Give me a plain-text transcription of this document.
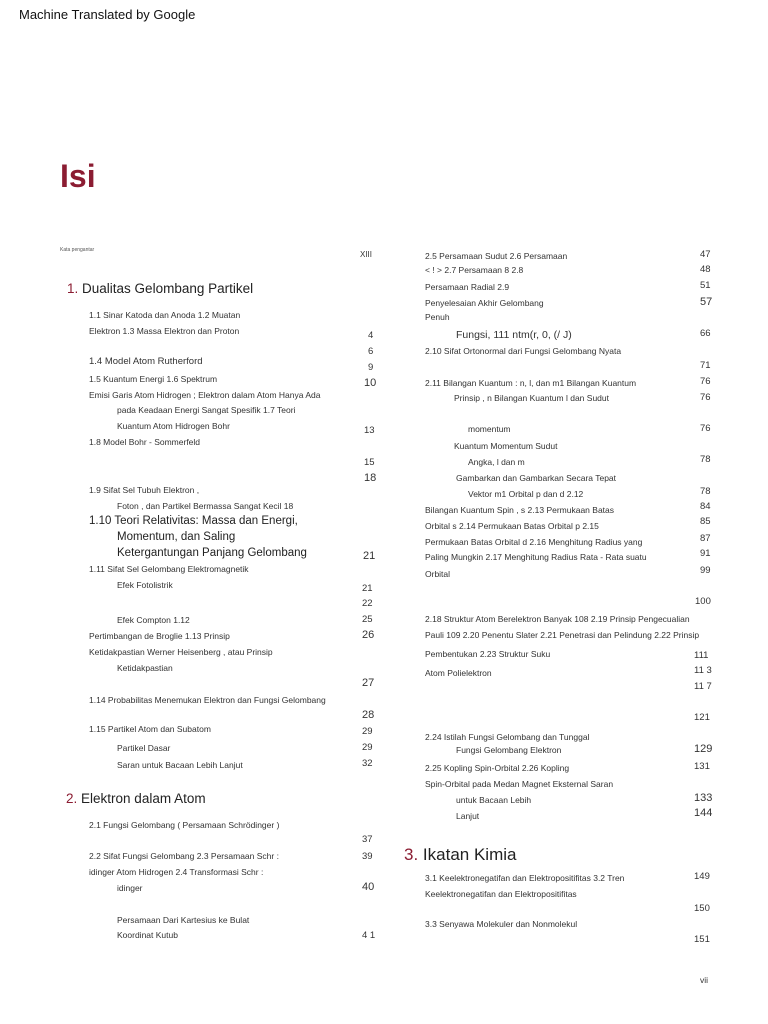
Machine Translated by Google
Isi
Kata pengantar	XIII
1. Dualitas Gelombang Partikel
2. Elektron dalam Atom
3. Ikatan Kimia
1.1 Sinar Katoda dan Anoda 1.2 Muatan
Elektron 1.3 Massa Elektron dan Proton
1.4 Model Atom Rutherford
1.5 Kuantum Energi 1.6 Spektrum
Emisi Garis Atom Hidrogen ; Elektron dalam Atom Hanya Ada
pada Keadaan Energi Sangat Spesifik 1.7 Teori
Kuantum Atom Hidrogen Bohr
1.8 Model Bohr - Sommerfeld
1.9 Sifat Sel Tubuh Elektron ,
Foton , dan Partikel Bermassa Sangat Kecil 18
1.10 Teori Relativitas: Massa dan Energi,
Momentum, dan Saling
Ketergantungan Panjang Gelombang
1.11 Sifat Sel Gelombang Elektromagnetik
Efek Fotolistrik
Efek Compton 1.12
Pertimbangan de Broglie 1.13 Prinsip
Ketidakpastian Werner Heisenberg , atau Prinsip
Ketidakpastian
1.14 Probabilitas Menemukan Elektron dan Fungsi Gelombang
1.15 Partikel Atom dan Subatom
Partikel Dasar
Saran untuk Bacaan Lebih Lanjut
2.1 Fungsi Gelombang ( Persamaan Schrödinger )
2.2 Sifat Fungsi Gelombang 2.3 Persamaan Schr :
idinger Atom Hidrogen 2.4 Transformasi Schr :
idinger
Persamaan Dari Kartesius ke Bulat
Koordinat Kutub
4
6
9
10
13
15
18
21
21
22
25
26
27
28
29
29
32
37
39
40
4 1
2.5 Persamaan Sudut 2.6 Persamaan
< ! > 2.7 Persamaan 8 2.8
Persamaan Radial 2.9
Penyelesaian Akhir Gelombang
Penuh
Fungsi, 111 ntm(r, 0, (/ J)
2.10 Sifat Ortonormal dari Fungsi Gelombang Nyata
2.11 Bilangan Kuantum : n, l, dan m1 Bilangan Kuantum
Prinsip , n Bilangan Kuantum l dan Sudut
momentum
Kuantum Momentum Sudut
Angka, l dan m
Gambarkan dan Gambarkan Secara Tepat
Vektor m1 Orbital p dan d 2.12
Bilangan Kuantum Spin , s 2.13 Permukaan Batas
Orbital s 2.14 Permukaan Batas Orbital p 2.15
Permukaan Batas Orbital d 2.16 Menghitung Radius yang
Paling Mungkin 2.17 Menghitung Radius Rata - Rata suatu
Orbital
2.18 Struktur Atom Berelektron Banyak 108 2.19 Prinsip Pengecualian
Pauli 109 2.20 Penentu Slater 2.21 Penetrasi dan Pelindung 2.22 Prinsip
Pembentukan 2.23 Struktur Suku
Atom Polielektron
2.24 Istilah Fungsi Gelombang dan Tunggal
Fungsi Gelombang Elektron
2.25 Kopling Spin-Orbital 2.26 Kopling
Spin-Orbital pada Medan Magnet Eksternal Saran
untuk Bacaan Lebih
Lanjut
3.1 Keelektronegatifan dan Elektropositifitas 3.2 Tren
Keelektronegatifan dan Elektropositifitas
3.3 Senyawa Molekuler dan Nonmolekul
47
48
51
57
66
71
76
76
76
78
78
84
85
87
91
99
100
111
11 3
11 7
121
129
131
133
144
149
150
151
vii
